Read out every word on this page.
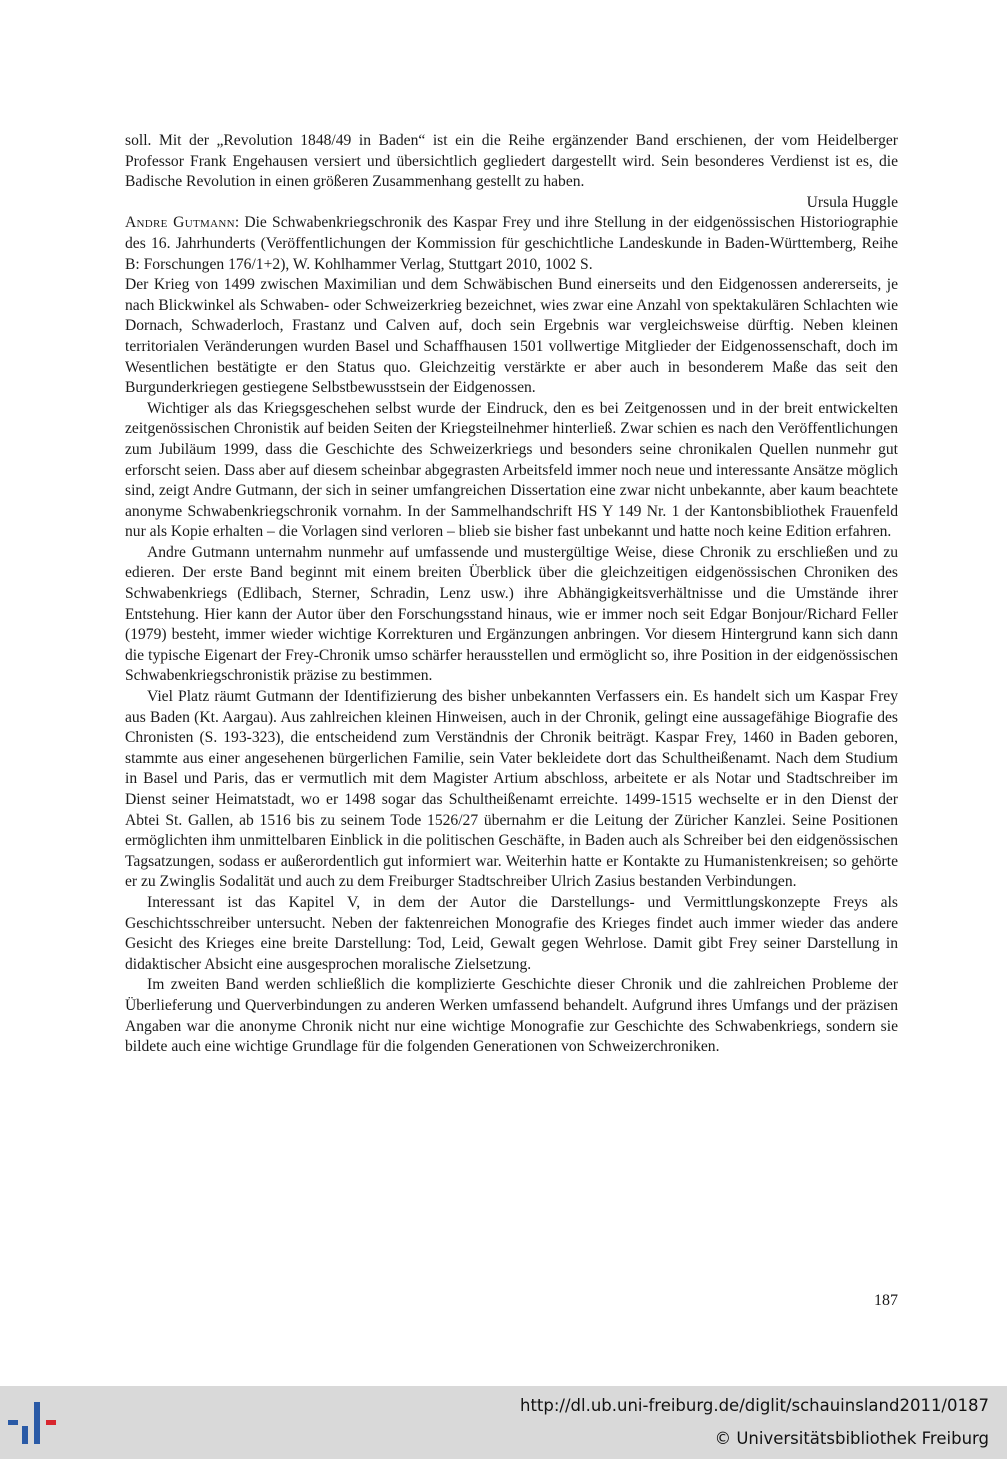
soll. Mit der „Revolution 1848/49 in Baden“ ist ein die Reihe ergänzender Band erschienen, der vom Heidelberger Professor Frank Engehausen versiert und übersichtlich gegliedert dargestellt wird. Sein besonderes Verdienst ist es, die Badische Revolution in einen größeren Zusammenhang gestellt zu haben.

Ursula Huggle

Andre Gutmann: Die Schwabenkriegschronik des Kaspar Frey und ihre Stellung in der eidgenössischen Historiographie des 16. Jahrhunderts (Veröffentlichungen der Kommission für geschichtliche Landeskunde in Baden-Württemberg, Reihe B: Forschungen 176/1+2), W. Kohlhammer Verlag, Stuttgart 2010, 1002 S.

Der Krieg von 1499 zwischen Maximilian und dem Schwäbischen Bund einerseits und den Eidgenossen andererseits, je nach Blickwinkel als Schwaben- oder Schweizerkrieg bezeichnet, wies zwar eine Anzahl von spektakulären Schlachten wie Dornach, Schwaderloch, Frastanz und Calven auf, doch sein Ergebnis war vergleichsweise dürftig. Neben kleinen territorialen Veränderungen wurden Basel und Schaffhausen 1501 vollwertige Mitglieder der Eidgenossenschaft, doch im Wesentlichen bestätigte er den Status quo. Gleichzeitig verstärkte er aber auch in besonderem Maße das seit den Burgunderkriegen gestiegene Selbstbewusstsein der Eidgenossen.

Wichtiger als das Kriegsgeschehen selbst wurde der Eindruck, den es bei Zeitgenossen und in der breit entwickelten zeitgenössischen Chronistik auf beiden Seiten der Kriegsteilnehmer hinterließ. Zwar schien es nach den Veröffentlichungen zum Jubiläum 1999, dass die Geschichte des Schweizerkriegs und besonders seine chronikalen Quellen nunmehr gut erforscht seien. Dass aber auf diesem scheinbar abgegrasten Arbeitsfeld immer noch neue und interessante Ansätze möglich sind, zeigt Andre Gutmann, der sich in seiner umfangreichen Dissertation eine zwar nicht unbekannte, aber kaum beachtete anonyme Schwabenkriegschronik vornahm. In der Sammelhandschrift HS Y 149 Nr. 1 der Kantonsbibliothek Frauenfeld nur als Kopie erhalten – die Vorlagen sind verloren – blieb sie bisher fast unbekannt und hatte noch keine Edition erfahren.

Andre Gutmann unternahm nunmehr auf umfassende und mustergültige Weise, diese Chronik zu erschließen und zu edieren. Der erste Band beginnt mit einem breiten Überblick über die gleichzeitigen eidgenössischen Chroniken des Schwabenkriegs (Edlibach, Sterner, Schradin, Lenz usw.) ihre Abhängigkeitsverhältnisse und die Umstände ihrer Entstehung. Hier kann der Autor über den Forschungsstand hinaus, wie er immer noch seit Edgar Bonjour/Richard Feller (1979) besteht, immer wieder wichtige Korrekturen und Ergänzungen anbringen. Vor diesem Hintergrund kann sich dann die typische Eigenart der Frey-Chronik umso schärfer herausstellen und ermöglicht so, ihre Position in der eidgenössischen Schwabenkriegschronistik präzise zu bestimmen.

Viel Platz räumt Gutmann der Identifizierung des bisher unbekannten Verfassers ein. Es handelt sich um Kaspar Frey aus Baden (Kt. Aargau). Aus zahlreichen kleinen Hinweisen, auch in der Chronik, gelingt eine aussagefähige Biografie des Chronisten (S. 193-323), die entscheidend zum Verständnis der Chronik beiträgt. Kaspar Frey, 1460 in Baden geboren, stammte aus einer angesehenen bürgerlichen Familie, sein Vater bekleidete dort das Schultheißenamt. Nach dem Studium in Basel und Paris, das er vermutlich mit dem Magister Artium abschloss, arbeitete er als Notar und Stadtschreiber im Dienst seiner Heimatstadt, wo er 1498 sogar das Schultheißenamt erreichte. 1499-1515 wechselte er in den Dienst der Abtei St. Gallen, ab 1516 bis zu seinem Tode 1526/27 übernahm er die Leitung der Züricher Kanzlei. Seine Positionen ermöglichten ihm unmittelbaren Einblick in die politischen Geschäfte, in Baden auch als Schreiber bei den eidgenössischen Tagsatzungen, sodass er außerordentlich gut informiert war. Weiterhin hatte er Kontakte zu Humanistenkreisen; so gehörte er zu Zwinglis Sodalität und auch zu dem Freiburger Stadtschreiber Ulrich Zasius bestanden Verbindungen.

Interessant ist das Kapitel V, in dem der Autor die Darstellungs- und Vermittlungskonzepte Freys als Geschichtsschreiber untersucht. Neben der faktenreichen Monografie des Krieges findet auch immer wieder das andere Gesicht des Krieges eine breite Darstellung: Tod, Leid, Gewalt gegen Wehrlose. Damit gibt Frey seiner Darstellung in didaktischer Absicht eine ausgesprochen moralische Zielsetzung.

Im zweiten Band werden schließlich die komplizierte Geschichte dieser Chronik und die zahlreichen Probleme der Überlieferung und Querverbindungen zu anderen Werken umfassend behandelt. Aufgrund ihres Umfangs und der präzisen Angaben war die anonyme Chronik nicht nur eine wichtige Monografie zur Geschichte des Schwabenkriegs, sondern sie bildete auch eine wichtige Grundlage für die folgenden Generationen von Schweizerchroniken.

187
http://dl.ub.uni-freiburg.de/diglit/schauinsland2011/0187
© Universitätsbibliothek Freiburg
